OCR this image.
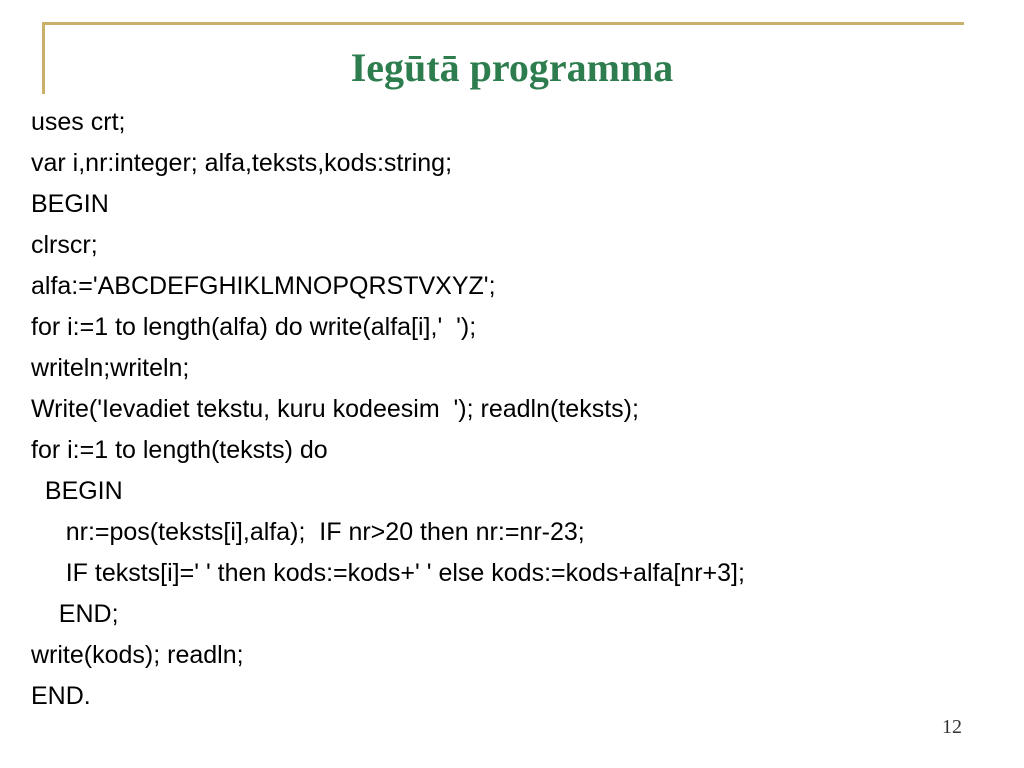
Iegūtā programma
uses crt;
var i,nr:integer; alfa,teksts,kods:string;
BEGIN
clrscr;
alfa:='ABCDEFGHIKLMNOPQRSTVXYZ';
for i:=1 to length(alfa) do write(alfa[i],'  ');
writeln;writeln;
Write('Ievadiet tekstu, kuru kodeesim  '); readln(teksts);
for i:=1 to length(teksts) do
BEGIN
nr:=pos(teksts[i],alfa);  IF nr>20 then nr:=nr-23;
IF teksts[i]=' ' then kods:=kods+' ' else kods:=kods+alfa[nr+3];
END;
write(kods); readln;
END.
12
